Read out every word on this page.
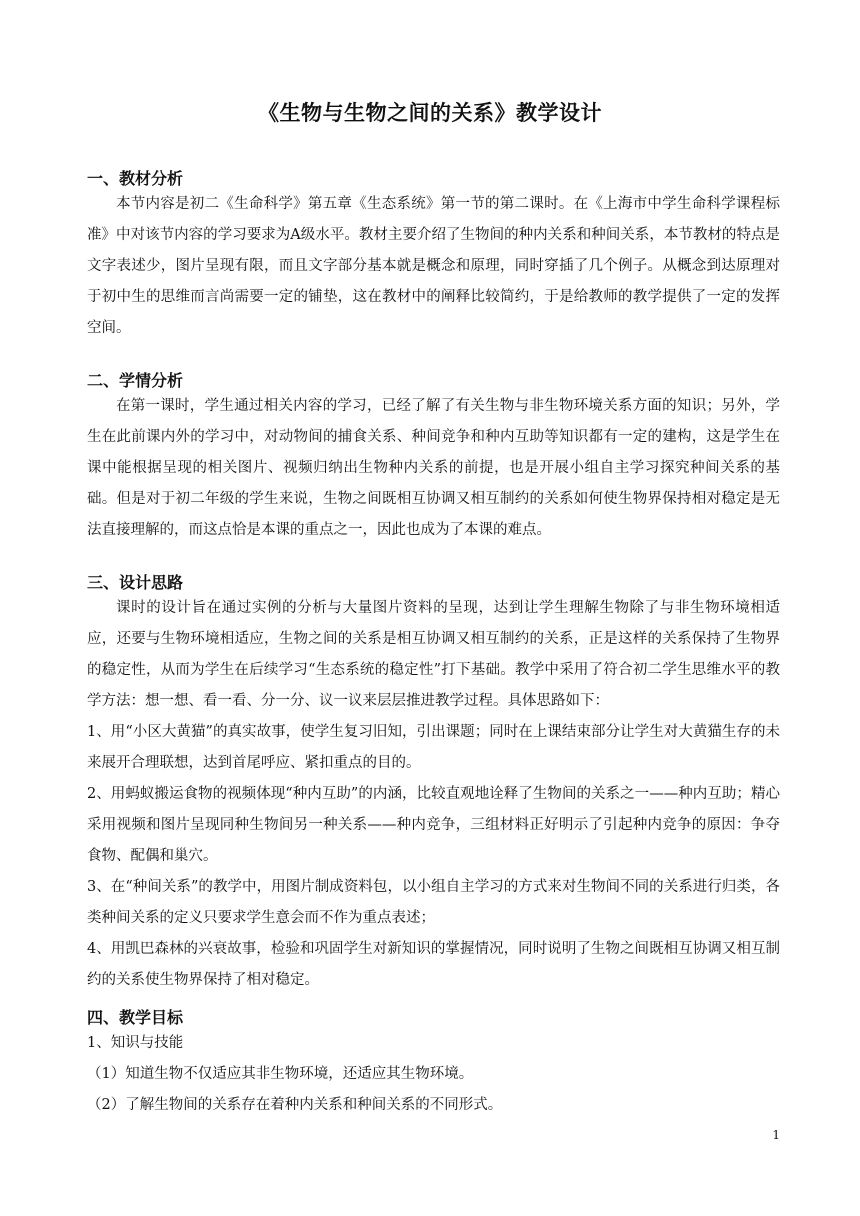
《生物与生物之间的关系》教学设计
一、教材分析

本节内容是初二《生命科学》第五章《生态系统》第一节的第二课时。在《上海市中学生命科学课程标准》中对该节内容的学习要求为A级水平。教材主要介绍了生物间的种内关系和种间关系，本节教材的特点是文字表述少，图片呈现有限，而且文字部分基本就是概念和原理，同时穿插了几个例子。从概念到达原理对于初中生的思维而言尚需要一定的铺垫，这在教材中的阐释比较简约，于是给教师的教学提供了一定的发挥空间。

二、学情分析

在第一课时，学生通过相关内容的学习，已经了解了有关生物与非生物环境关系方面的知识；另外，学生在此前课内外的学习中，对动物间的捕食关系、种间竞争和种内互助等知识都有一定的建构，这是学生在课中能根据呈现的相关图片、视频归纳出生物种内关系的前提，也是开展小组自主学习探究种间关系的基础。但是对于初二年级的学生来说，生物之间既相互协调又相互制约的关系如何使生物界保持相对稳定是无法直接理解的，而这点恰是本课的重点之一，因此也成为了本课的难点。

三、设计思路

课时的设计旨在通过实例的分析与大量图片资料的呈现，达到让学生理解生物除了与非生物环境相适应，还要与生物环境相适应，生物之间的关系是相互协调又相互制约的关系，正是这样的关系保持了生物界的稳定性，从而为学生在后续学习“生态系统的稳定性”打下基础。教学中采用了符合初二学生思维水平的教学方法：想一想、看一看、分一分、议一议来层层推进教学过程。具体思路如下：

1、用“小区大黄猫”的真实故事，使学生复习旧知，引出课题；同时在上课结束部分让学生对大黄猫生存的未来展开合理联想，达到首尾呼应、紧扣重点的目的。

2、用蚂蚁搬运食物的视频体现“种内互助”的内涵，比较直观地诠释了生物间的关系之一——种内互助；精心采用视频和图片呈现同种生物间另一种关系——种内竞争，三组材料正好明示了引起种内竞争的原因：争夺食物、配偶和巢穴。

3、在“种间关系”的教学中，用图片制成资料包，以小组自主学习的方式来对生物间不同的关系进行归类，各类种间关系的定义只要求学生意会而不作为重点表述；

4、用凯巴森林的兴衰故事，检验和巩固学生对新知识的掌握情况，同时说明了生物之间既相互协调又相互制约的关系使生物界保持了相对稳定。

四、教学目标

1、知识与技能

（1）知道生物不仅适应其非生物环境，还适应其生物环境。

（2）了解生物间的关系存在着种内关系和种间关系的不同形式。

1
